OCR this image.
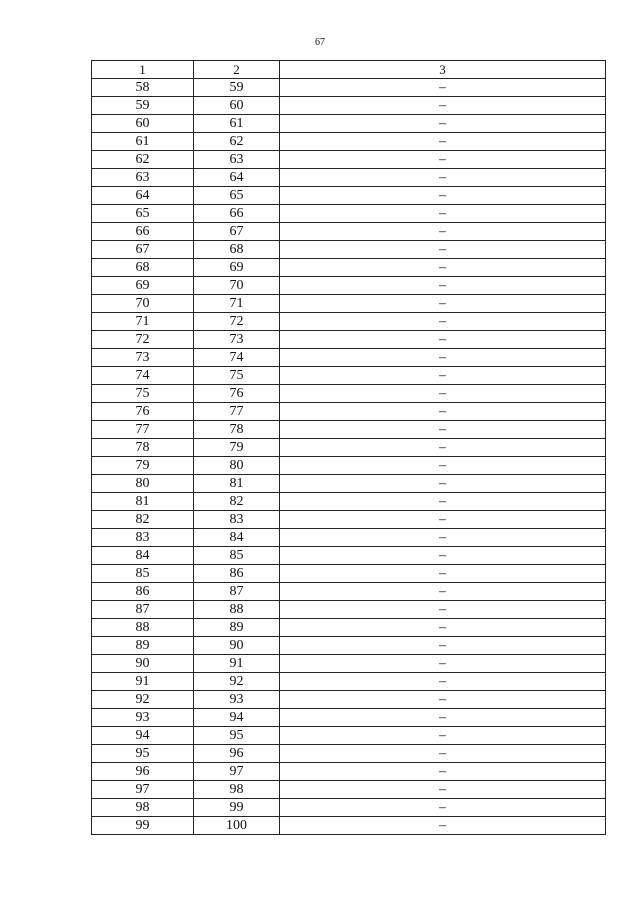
67
1	2	3
58	59	–
59	60	–
60	61	–
61	62	–
62	63	–
63	64	–
64	65	–
65	66	–
66	67	–
67	68	–
68	69	–
69	70	–
70	71	–
71	72	–
72	73	–
73	74	–
74	75	–
75	76	–
76	77	–
77	78	–
78	79	–
79	80	–
80	81	–
81	82	–
82	83	–
83	84	–
84	85	–
85	86	–
86	87	–
87	88	–
88	89	–
89	90	–
90	91	–
91	92	–
92	93	–
93	94	–
94	95	–
95	96	–
96	97	–
97	98	–
98	99	–
99	100	–
